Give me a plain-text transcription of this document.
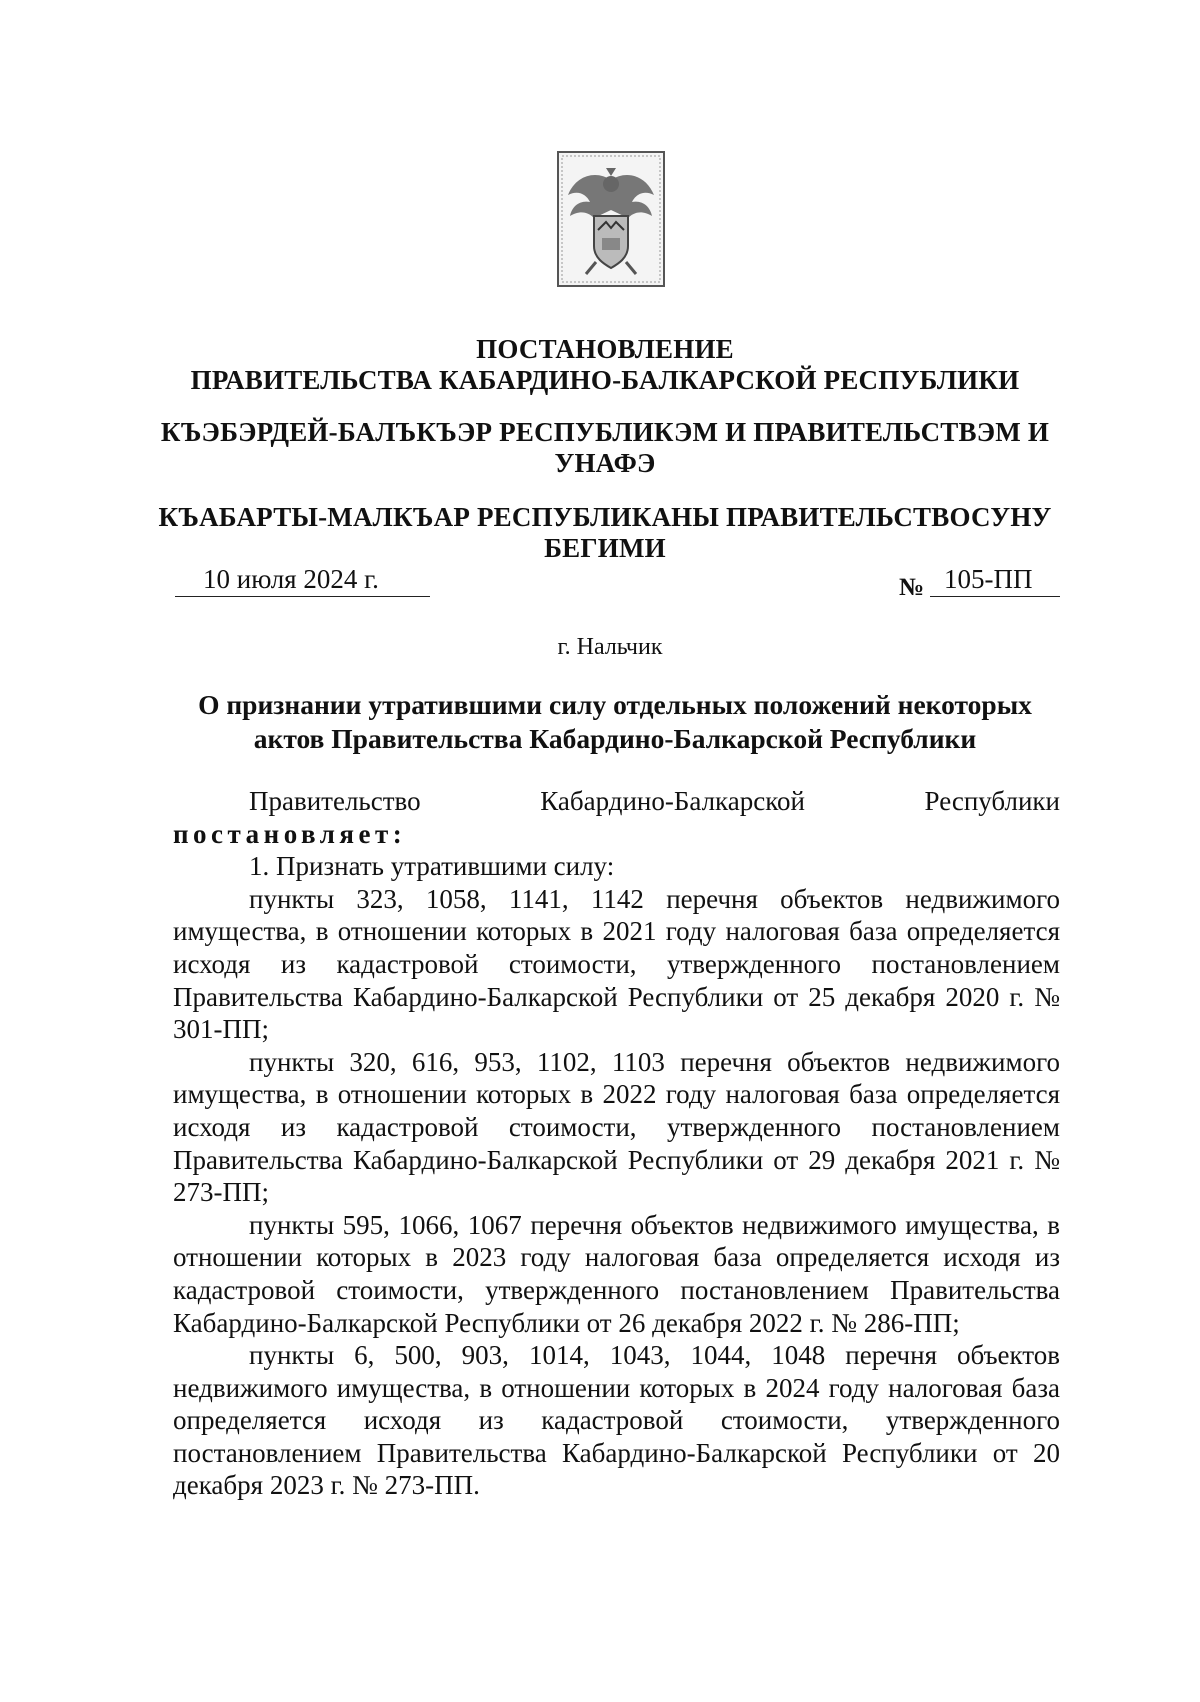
ПОСТАНОВЛЕНИЕ
ПРАВИТЕЛЬСТВА КАБАРДИНО-БАЛКАРСКОЙ РЕСПУБЛИКИ
КЪЭБЭРДЕЙ-БАЛЪКЪЭР РЕСПУБЛИКЭМ И ПРАВИТЕЛЬСТВЭМ И УНАФЭ
КЪАБАРТЫ-МАЛКЪАР РЕСПУБЛИКАНЫ ПРАВИТЕЛЬСТВОСУНУ БЕГИМИ
10 июля 2024 г.	№ 105-ПП
г. Нальчик
О признании утратившими силу отдельных положений некоторых актов Правительства Кабардино-Балкарской Республики
Правительство	Кабардино-Балкарской	Республики

постановляет:

1. Признать утратившими силу:

пункты 323, 1058, 1141, 1142 перечня объектов недвижимого имущества, в отношении которых в 2021 году налоговая база определяется исходя из кадастровой стоимости, утвержденного постановлением Правительства Кабардино-Балкарской Республики от 25 декабря 2020 г. № 301-ПП;

пункты 320, 616, 953, 1102, 1103 перечня объектов недвижимого имущества, в отношении которых в 2022 году налоговая база определяется исходя из кадастровой стоимости, утвержденного постановлением Правительства Кабардино-Балкарской Республики от 29 декабря 2021 г. № 273-ПП;

пункты 595, 1066, 1067 перечня объектов недвижимого имущества, в отношении которых в 2023 году налоговая база определяется исходя из кадастровой стоимости, утвержденного постановлением Правительства Кабардино-Балкарской Республики от 26 декабря 2022 г. № 286-ПП;

пункты 6, 500, 903, 1014, 1043, 1044, 1048 перечня объектов недвижимого имущества, в отношении которых в 2024 году налоговая база определяется исходя из кадастровой стоимости, утвержденного постановлением Правительства Кабардино-Балкарской Республики от 20 декабря 2023 г. № 273-ПП.
